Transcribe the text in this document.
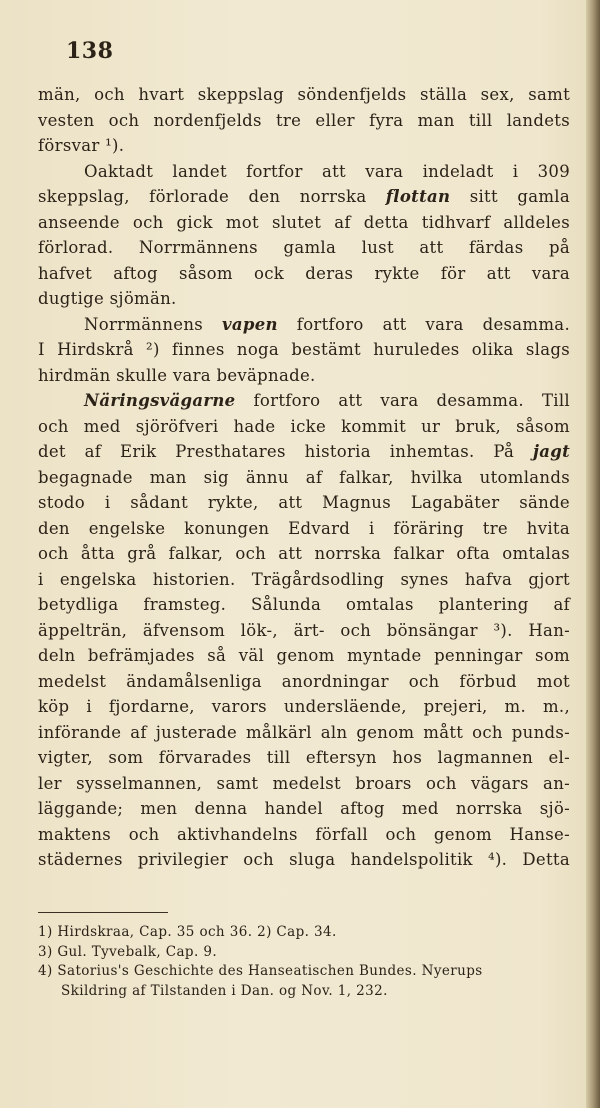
138
män, och hvart skeppslag söndenfjelds ställa sex, samt
vesten och nordenfjelds tre eller fyra man till landets
försvar ¹).
Oaktadt landet fortfor att vara indeladt i 309
skeppslag, förlorade den norrska flottan sitt gamla
anseende och gick mot slutet af detta tidhvarf alldeles
förlorad. Norrmännens gamla lust att färdas på
hafvet aftog såsom ock deras rykte för att vara
dugtige sjömän.
Norrmännens vapen fortforo att vara desamma.
I Hirdskrå ²) finnes noga bestämt huruledes olika slags
hirdmän skulle vara beväpnade.
Näringsvägarne fortforo att vara desamma. Till
och med sjöröfveri hade icke kommit ur bruk, såsom
det af Erik Presthatares historia inhemtas. På jagt
begagnade man sig ännu af falkar, hvilka utomlands
stodo i sådant rykte, att Magnus Lagabäter sände
den engelske konungen Edvard i föräring tre hvita
och åtta grå falkar, och att norrska falkar ofta omtalas
i engelska historien. Trägårdsodling synes hafva gjort
betydliga framsteg. Sålunda omtalas plantering af
äppelträn, äfvensom lök-, ärt- och bönsängar ³). Han-
deln befrämjades så väl genom myntade penningar som
medelst ändamålsenliga anordningar och förbud mot
köp i fjordarne, varors undersläende, prejeri, m. m.,
införande af justerade målkärl aln genom mått och punds-
vigter, som förvarades till eftersyn hos lagmannen el-
ler sysselmannen, samt medelst broars och vägars an-
läggande; men denna handel aftog med norrska sjö-
maktens och aktivhandelns förfall och genom Hanse-
städernes privilegier och sluga handelspolitik ⁴). Detta
1) Hirdskraa, Cap. 35 och 36. 2) Cap. 34.
3) Gul. Tyvebalk, Cap. 9.
4) Satorius's Geschichte des Hanseatischen Bundes. Nyerups
Skildring af Tilstanden i Dan. og Nov. 1, 232.
